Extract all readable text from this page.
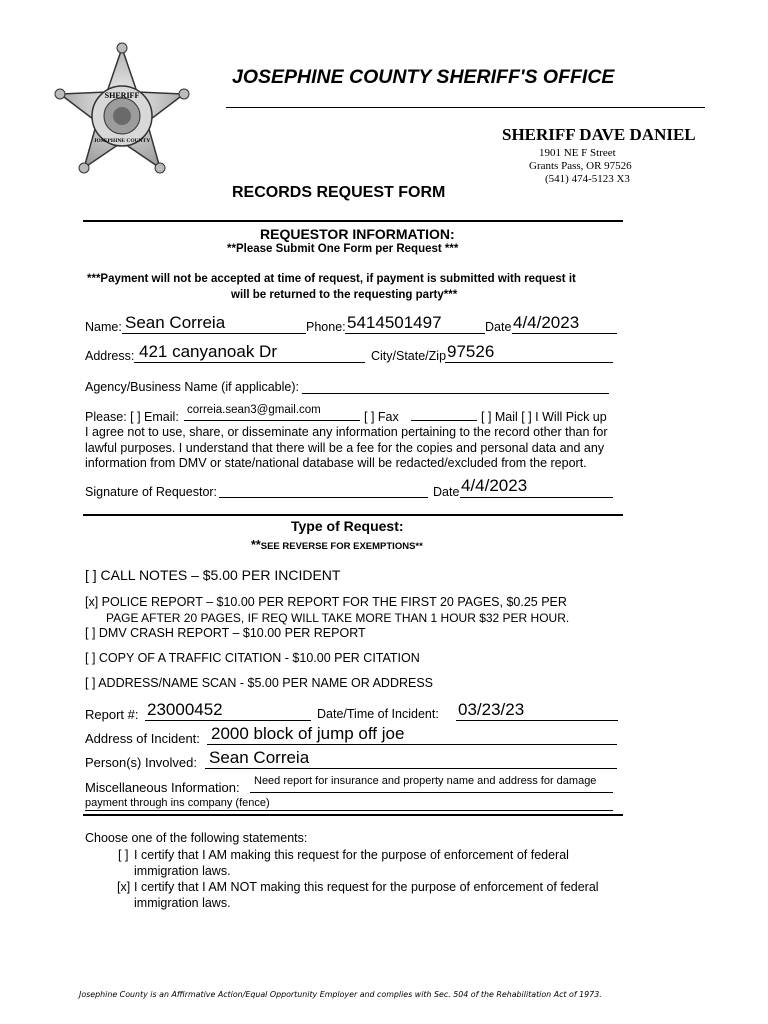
SHERIFF
JOSEPHINE COUNTY
JOSEPHINE COUNTY SHERIFF'S OFFICE
SHERIFF DAVE DANIEL
1901 NE F Street
Grants Pass, OR 97526
(541) 474-5123 X3
RECORDS REQUEST FORM
REQUESTOR INFORMATION:
**Please Submit One Form per Request ***
***Payment will not be accepted at time of request, if payment is submitted with request it
will be returned to the requesting party***
Name: Sean Correia	Phone: 5414501497	Date 4/4/2023
Address: 421 canyanoak Dr	City/State/Zip 97526
Agency/Business Name (if applicable):
Please: [ ] Email: correia.sean3@gmail.com	[ ] Fax	[ ] Mail [ ] I Will Pick up
I agree not to use, share, or disseminate any information pertaining to the record other than for
lawful purposes. I understand that there will be a fee for the copies and personal data and any
information from DMV or state/national database will be redacted/excluded from the report.
Signature of Requestor:	Date 4/4/2023
Type of Request:
**SEE REVERSE FOR EXEMPTIONS**
[ ] CALL NOTES – $5.00 PER INCIDENT
[x] POLICE REPORT – $10.00 PER REPORT FOR THE FIRST 20 PAGES, $0.25 PER
PAGE AFTER 20 PAGES, IF REQ WILL TAKE MORE THAN 1 HOUR $32 PER HOUR.
[ ] DMV CRASH REPORT – $10.00 PER REPORT
[ ] COPY OF A TRAFFIC CITATION - $10.00 PER CITATION
[ ] ADDRESS/NAME SCAN - $5.00 PER NAME OR ADDRESS
Report #: 23000452	Date/Time of Incident: 03/23/23
Address of Incident: 2000 block of jump off joe
Person(s) Involved: Sean Correia
Miscellaneous Information: Need report for insurance and property name and address for damage
payment through ins company (fence)
Choose one of the following statements:
[ ] I certify that I AM making this request for the purpose of enforcement of federal
immigration laws.
[x] I certify that I AM NOT making this request for the purpose of enforcement of federal
immigration laws.
Josephine County is an Affirmative Action/Equal Opportunity Employer and complies with Sec. 504 of the Rehabilitation Act of 1973.
